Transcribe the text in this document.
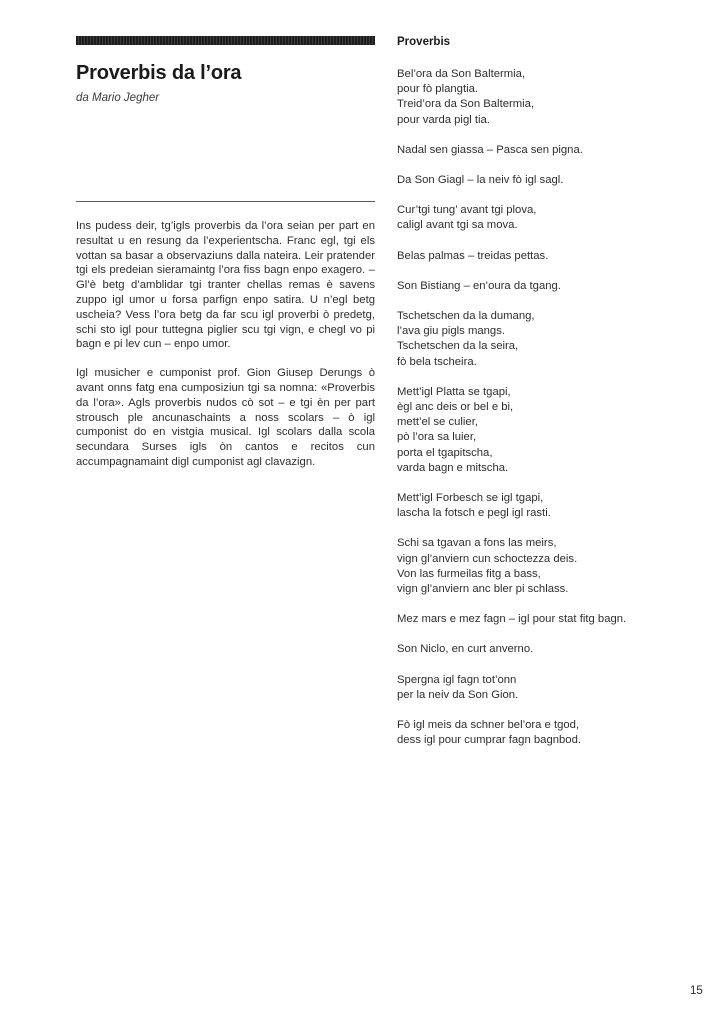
Proverbis da l’ora
da Mario Jegher

Ins pudess deir, tg’igls proverbis da l’ora seian per part en resultat u en resung da l’experientscha. Franc egl, tgi els vottan sa basar a observaziuns dalla nateira. Leir pratender tgi els predeian sieramaintg l’ora fiss bagn enpo exagero. – Gl’è betg d’amblidar tgi tranter chellas remas è savens zuppo igl umor u forsa parfign enpo satira. U n’egl betg uscheia? Vess l’ora betg da far scu igl proverbi ò predetg, schi sto igl pour tuttegna piglier scu tgi vign, e chegl vo pi bagn e pi lev cun – enpo umor.

Igl musicher e cumponist prof. Gion Giusep Derungs ò avant onns fatg ena cumposiziun tgi sa nomna: «Proverbis da l’ora». Agls proverbis nudos cò sot – e tgi èn per part strousch ple ancunaschaints a noss scolars – ò igl cumponist do en vistgia musical. Igl scolars dalla scola secundara Surses igls òn cantos e recitos cun accumpagnamaint digl cumponist agl clavazign.

Proverbis
Bel’ora da Son Baltermia,
pour fò plangtia.
Treid’ora da Son Baltermia,
pour varda pigl tia.
Nadal sen giassa – Pasca sen pigna.
Da Son Giagl – la neiv fò igl sagl.
Cur’tgi tung’ avant tgi plova,
caligl avant tgi sa mova.
Belas palmas – treidas pettas.
Son Bistiang – en’oura da tgang.
Tschetschen da la dumang,
l’ava giu pigls mangs.
Tschetschen da la seira,
fò bela tscheira.
Mett’igl Platta se tgapi,
ègl anc deis or bel e bi,
mett’el se culier,
pò l’ora sa luier,
porta el tgapitscha,
varda bagn e mitscha.
Mett’igl Forbesch se igl tgapi,
lascha la fotsch e pegl igl rasti.
Schi sa tgavan a fons las meirs,
vign gl’anviern cun schoctezza deis.
Von las furmeilas fitg a bass,
vign gl’anviern anc bler pi schlass.
Mez mars e mez fagn – igl pour stat fitg bagn.
Son Niclo, en curt anverno.
Spergna igl fagn tot’onn
per la neiv da Son Gion.
Fò igl meis da schner bel’ora e tgod,
dess igl pour cumprar fagn bagnbod.
15
